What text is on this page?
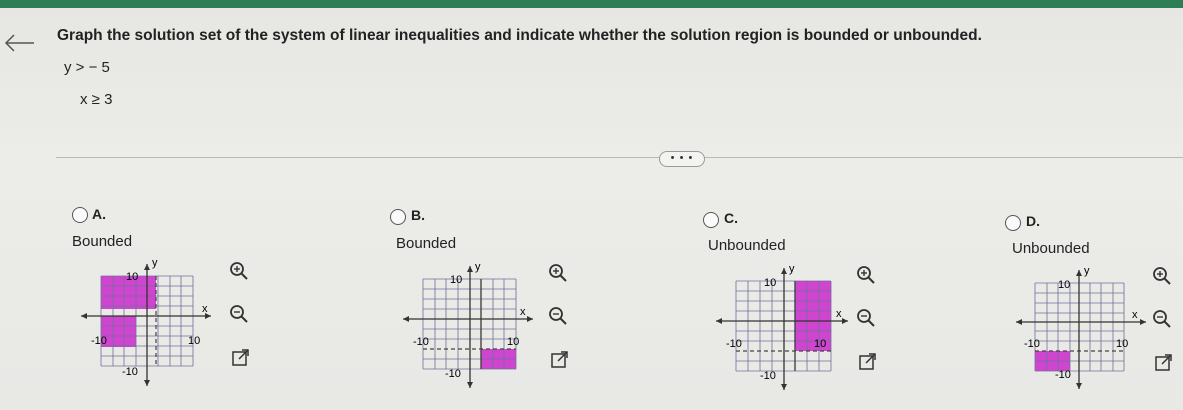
Graph the solution set of the system of linear inequalities and indicate whether the solution region is bounded or unbounded.
y > − 5
x ≥ 3
• • •
A.
Bounded
y
x
10
-10
-10	10
B.
Bounded
y
x
10
-10
-10	10
C.
Unbounded
y
x
10
-10
-10	10
D.
Unbounded
y
x
10
-10
-10	10
